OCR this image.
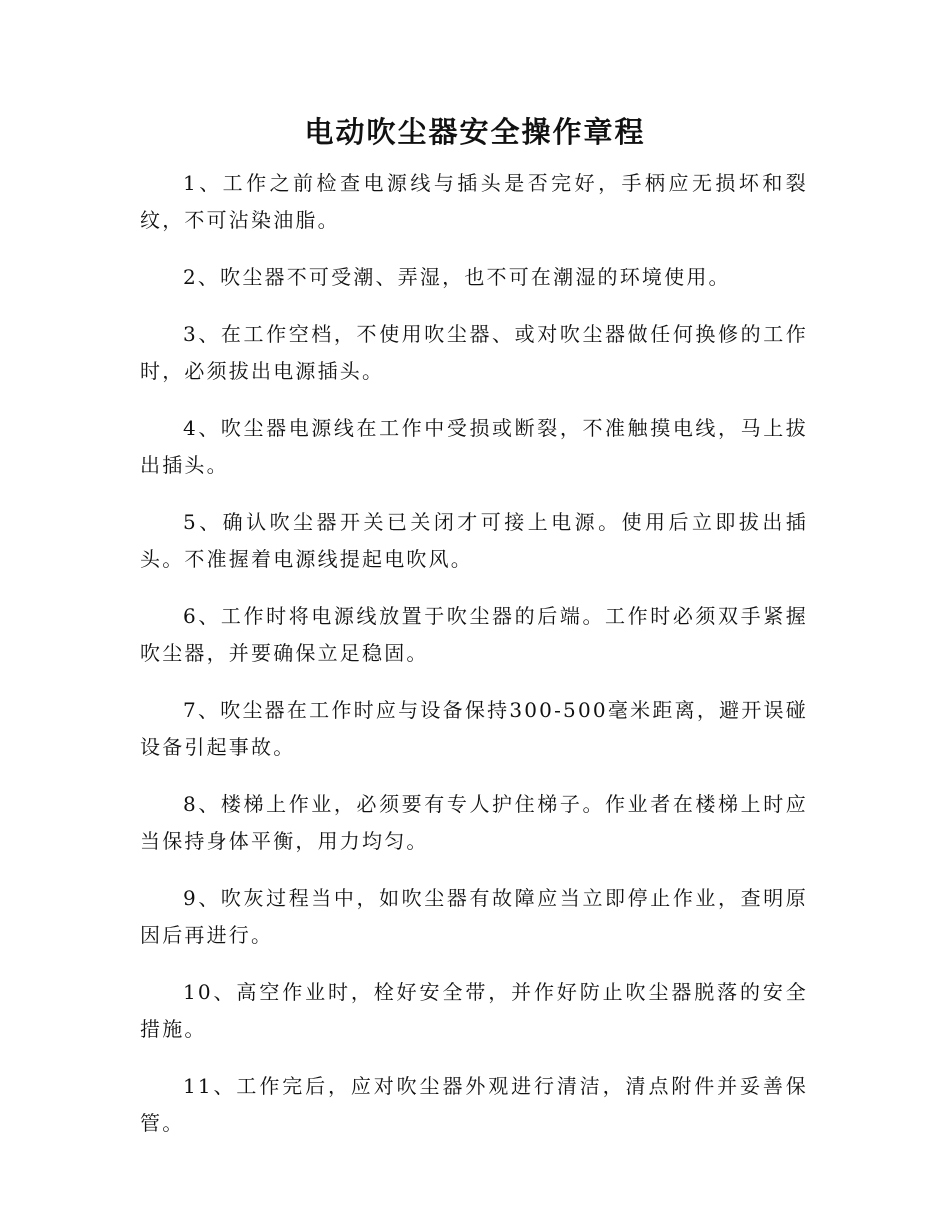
电动吹尘器安全操作章程

1、工作之前检查电源线与插头是否完好，手柄应无损坏和裂纹，不可沾染油脂。

2、吹尘器不可受潮、弄湿，也不可在潮湿的环境使用。

3、在工作空档，不使用吹尘器、或对吹尘器做任何换修的工作时，必须拔出电源插头。

4、吹尘器电源线在工作中受损或断裂，不准触摸电线，马上拔出插头。

5、确认吹尘器开关已关闭才可接上电源。使用后立即拔出插头。不准握着电源线提起电吹风。

6、工作时将电源线放置于吹尘器的后端。工作时必须双手紧握吹尘器，并要确保立足稳固。

7、吹尘器在工作时应与设备保持300-500毫米距离，避开误碰设备引起事故。

8、楼梯上作业，必须要有专人护住梯子。作业者在楼梯上时应当保持身体平衡，用力均匀。

9、吹灰过程当中，如吹尘器有故障应当立即停止作业，查明原因后再进行。

10、高空作业时，栓好安全带，并作好防止吹尘器脱落的安全措施。

11、工作完后，应对吹尘器外观进行清洁，清点附件并妥善保管。
